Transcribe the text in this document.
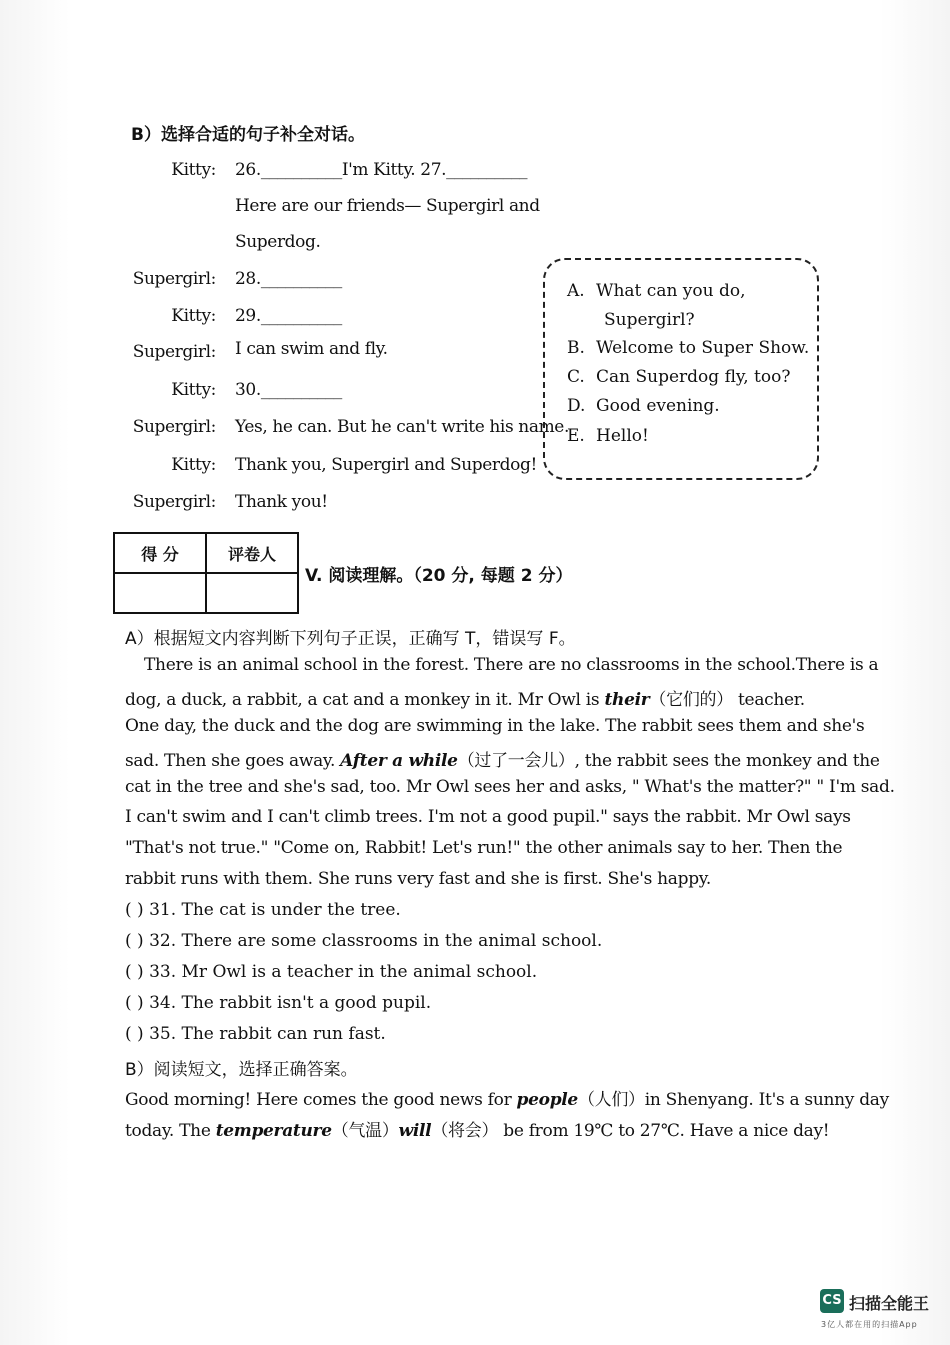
B）选择合适的句子补全对话。
Kitty: 26.__________I'm Kitty. 27.__________
Here are our friends— Supergirl and
Superdog.
Supergirl: 28.__________
Kitty: 29.__________
Supergirl: I can swim and fly.
Kitty: 30.__________
Supergirl: Yes, he can. But he can't write his name.
Kitty: Thank you, Supergirl and Superdog!
Supergirl: Thank you!
A. What can you do,
Supergirl?
B. Welcome to Super Show.
C. Can Superdog fly, too?
D. Good evening.
E. Hello!
得 分	评卷人

V. 阅读理解。（20 分, 每题 2 分）
A）根据短文内容判断下列句子正误，正确写 T，错误写 F。
There is an animal school in the forest. There are no classrooms in the school.There is a
dog, a duck, a rabbit, a cat and a monkey in it. Mr Owl is their（它们的） teacher.
One day, the duck and the dog are swimming in the lake. The rabbit sees them and she's
sad. Then she goes away. After a while（过了一会儿）, the rabbit sees the monkey and the
cat in the tree and she's sad, too. Mr Owl sees her and asks, " What's the matter?" " I'm sad.
I can't swim and I can't climb trees. I'm not a good pupil." says the rabbit. Mr Owl says
"That's not true." "Come on, Rabbit! Let's run!" the other animals say to her. Then the
rabbit runs with them. She runs very fast and she is first. She's happy.
( ) 31. The cat is under the tree.
( ) 32. There are some classrooms in the animal school.
( ) 33. Mr Owl is a teacher in the animal school.
( ) 34. The rabbit isn't a good pupil.
( ) 35. The rabbit can run fast.
B）阅读短文，选择正确答案。
Good morning! Here comes the good news for people（人们）in Shenyang. It's a sunny day
today. The temperature（气温）will（将会） be from 19℃ to 27℃. Have a nice day!
CS 扫描全能王
3亿人都在用的扫描App
